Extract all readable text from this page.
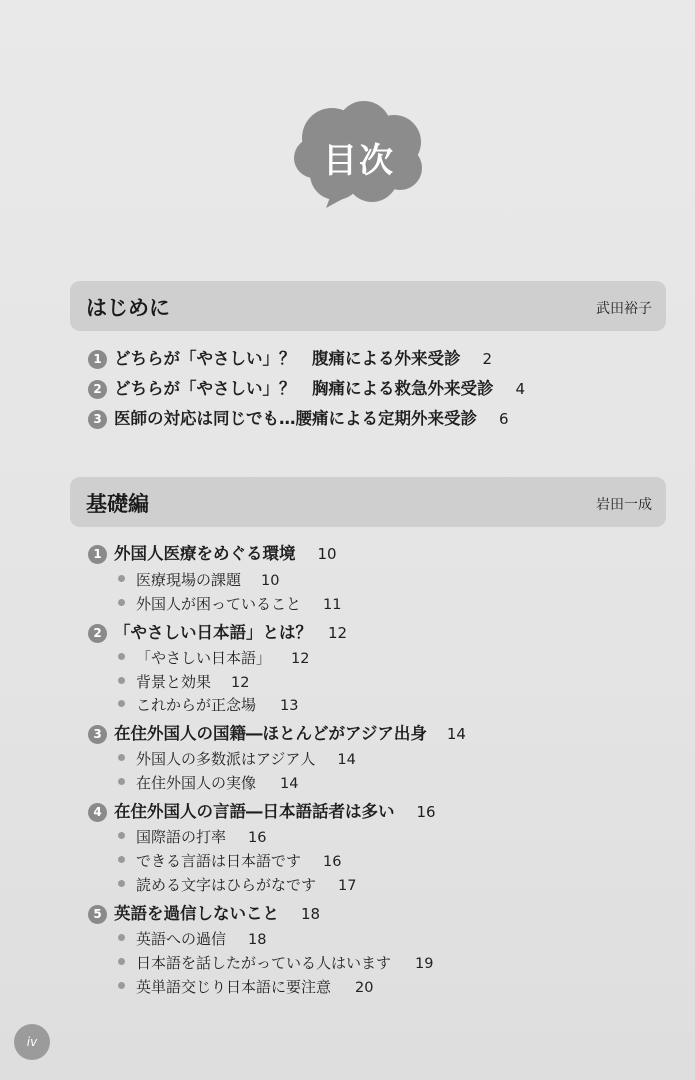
目次
はじめに	武田裕子
1 どちらが「やさしい」？　腹痛による外来受診 2
2 どちらが「やさしい」？　胸痛による救急外来受診 4
3 医師の対応は同じでも…腰痛による定期外来受診 6
基礎編	岩田一成
1 外国人医療をめぐる環境 10
医療現場の課題 10
外国人が困っていること 11
2 「やさしい日本語」とは？ 12
「やさしい日本語」 12
背景と効果 12
これからが正念場 13
3 在住外国人の国籍―ほとんどがアジア出身 14
外国人の多数派はアジア人 14
在住外国人の実像 14
4 在住外国人の言語―日本語話者は多い 16
国際語の打率 16
できる言語は日本語です 16
読める文字はひらがなです 17
5 英語を過信しないこと 18
英語への過信 18
日本語を話したがっている人はいます 19
英単語交じり日本語に要注意 20
iv
